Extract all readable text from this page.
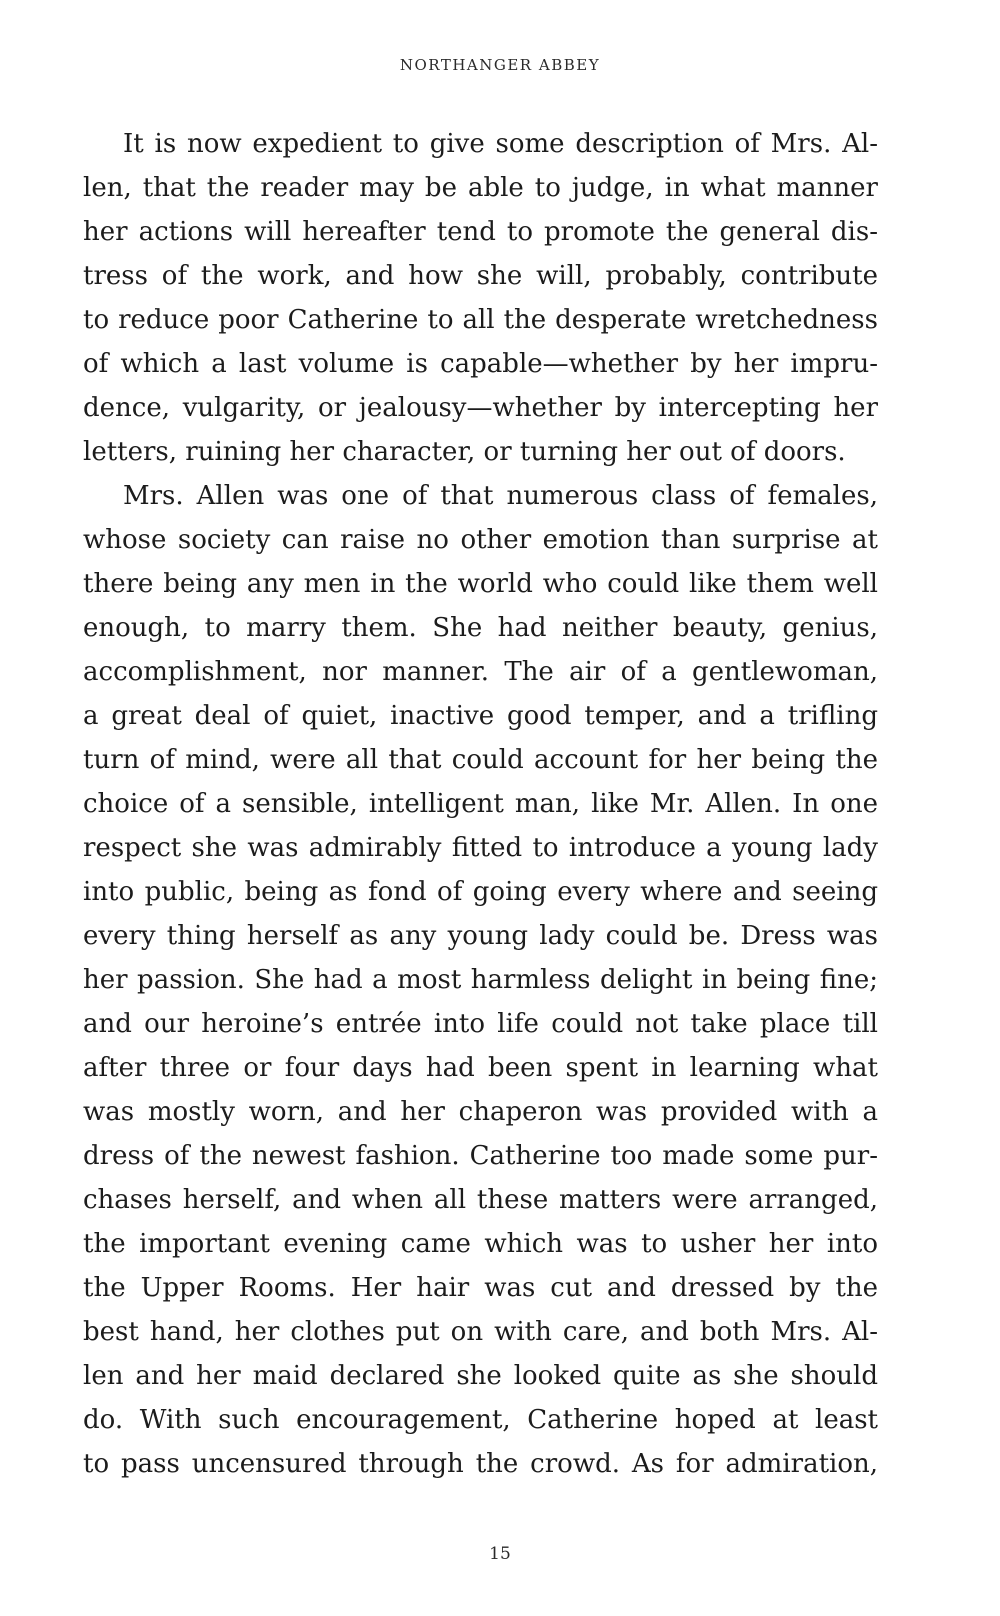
NORTHANGER ABBEY
It is now expedient to give some description of Mrs. Al-
len, that the reader may be able to judge, in what manner
her actions will hereafter tend to promote the general dis-
tress of the work, and how she will, probably, contribute
to reduce poor Catherine to all the desperate wretchedness
of which a last volume is capable—whether by her impru-
dence, vulgarity, or jealousy—whether by intercepting her
letters, ruining her character, or turning her out of doors.
Mrs. Allen was one of that numerous class of females,
whose society can raise no other emotion than surprise at
there being any men in the world who could like them well
enough, to marry them. She had neither beauty, genius,
accomplishment, nor manner. The air of a gentlewoman,
a great deal of quiet, inactive good temper, and a trifling
turn of mind, were all that could account for her being the
choice of a sensible, intelligent man, like Mr. Allen. In one
respect she was admirably fitted to introduce a young lady
into public, being as fond of going every where and seeing
every thing herself as any young lady could be. Dress was
her passion. She had a most harmless delight in being fine;
and our heroine’s entrée into life could not take place till
after three or four days had been spent in learning what
was mostly worn, and her chaperon was provided with a
dress of the newest fashion. Catherine too made some pur-
chases herself, and when all these matters were arranged,
the important evening came which was to usher her into
the Upper Rooms. Her hair was cut and dressed by the
best hand, her clothes put on with care, and both Mrs. Al-
len and her maid declared she looked quite as she should
do. With such encouragement, Catherine hoped at least
to pass uncensured through the crowd. As for admiration,
15
